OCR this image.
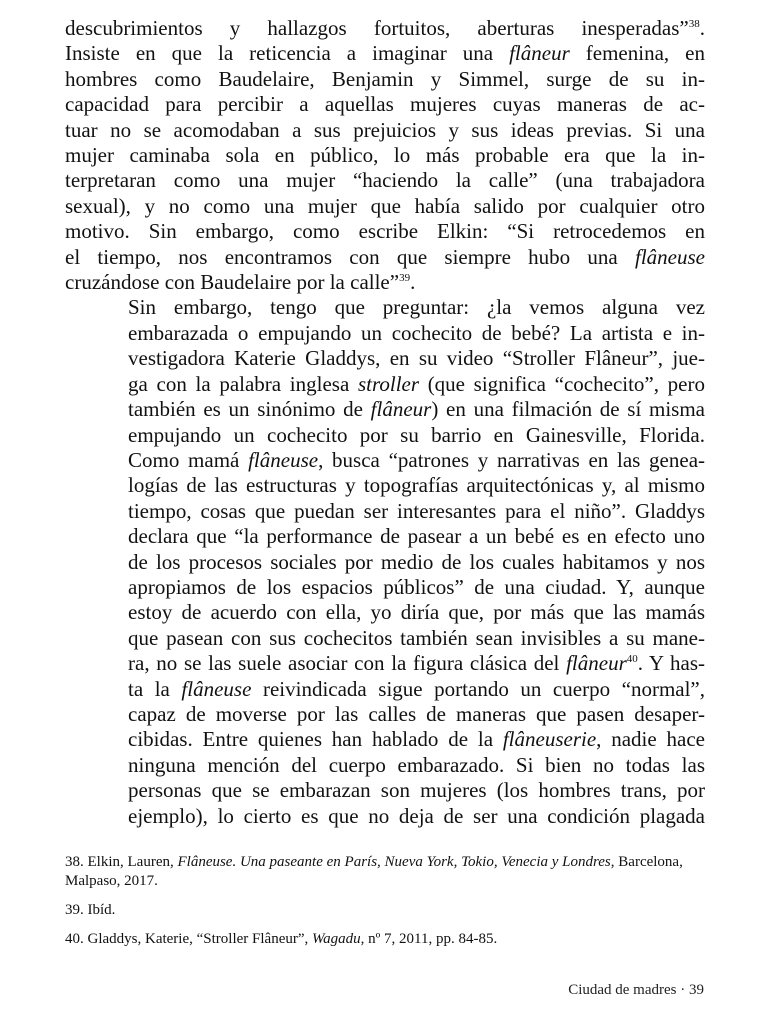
descubrimientos y hallazgos fortuitos, aberturas inesperadas”$^{38}$.
Insiste en que la reticencia a imaginar una flâneur femenina, en
hombres como Baudelaire, Benjamin y Simmel, surge de su in-
capacidad para percibir a aquellas mujeres cuyas maneras de ac-
tuar no se acomodaban a sus prejuicios y sus ideas previas. Si una
mujer caminaba sola en público, lo más probable era que la in-
terpretaran como una mujer “haciendo la calle” (una trabajadora
sexual), y no como una mujer que había salido por cualquier otro
motivo. Sin embargo, como escribe Elkin: “Si retrocedemos en
el tiempo, nos encontramos con que siempre hubo una flâneuse
cruzándose con Baudelaire por la calle”$^{39}$.

Sin embargo, tengo que preguntar: ¿la vemos alguna vez
embarazada o empujando un cochecito de bebé? La artista e in-
vestigadora Katerie Gladdys, en su video “Stroller Flâneur”, jue-
ga con la palabra inglesa stroller (que significa “cochecito”, pero
también es un sinónimo de flâneur) en una filmación de sí misma
empujando un cochecito por su barrio en Gainesville, Florida.
Como mamá flâneuse, busca “patrones y narrativas en las genea-
logías de las estructuras y topografías arquitectónicas y, al mismo
tiempo, cosas que puedan ser interesantes para el niño”. Gladdys
declara que “la performance de pasear a un bebé es en efecto uno
de los procesos sociales por medio de los cuales habitamos y nos
apropiamos de los espacios públicos” de una ciudad. Y, aunque
estoy de acuerdo con ella, yo diría que, por más que las mamás
que pasean con sus cochecitos también sean invisibles a su mane-
ra, no se las suele asociar con la figura clásica del flâneur$^{40}$. Y has-
ta la flâneuse reivindicada sigue portando un cuerpo “normal”,
capaz de moverse por las calles de maneras que pasen desaper-
cibidas. Entre quienes han hablado de la flâneuserie, nadie hace
ninguna mención del cuerpo embarazado. Si bien no todas las
personas que se embarazan son mujeres (los hombres trans, por
ejemplo), lo cierto es que no deja de ser una condición plagada

38. Elkin, Lauren, Flâneuse. Una paseante en París, Nueva York, Tokio, Venecia y Londres, Barcelona, Malpaso, 2017.

39. Ibíd.

40. Gladdys, Katerie, “Stroller Flâneur”, Wagadu, nº 7, 2011, pp. 84-85.

Ciudad de madres · 39
